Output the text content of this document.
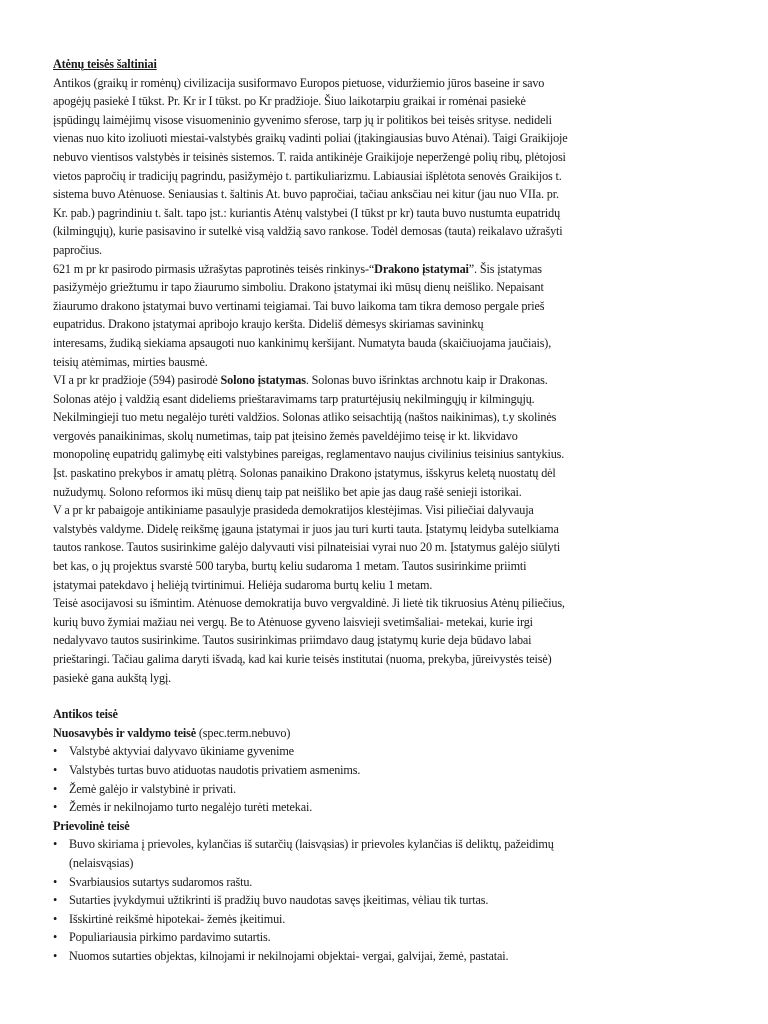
Atėnų teisės šaltiniai
Antikos (graikų ir romėnų) civilizacija susiformavo Europos pietuose, viduržiemio jūros baseine ir savo
apogėjų pasiekė I tūkst. Pr. Kr ir I tūkst. po Kr pradžioje. Šiuo laikotarpiu graikai ir romėnai pasiekė
įspūdingų laimėjimų visose visuomeninio gyvenimo sferose, tarp jų ir politikos bei teisės srityse. nedideli
vienas nuo kito izoliuoti miestai-valstybės graikų vadinti poliai (įtakingiausias buvo Atėnai). Taigi Graikijoje
nebuvo vientisos valstybės ir teisinės sistemos. T. raida antikinėje Graikijoje neperžengė polių ribų, plėtojosi
vietos papročių ir tradicijų pagrindu, pasižymėjo t. partikuliarizmu. Labiausiai išplėtota senovės Graikijos t.
sistema buvo Atėnuose. Seniausias t. šaltinis At. buvo papročiai, tačiau anksčiau nei kitur (jau nuo VIIa. pr.
Kr. pab.) pagrindiniu t. šalt. tapo įst.: kuriantis Atėnų valstybei (I tūkst pr kr) tauta buvo nustumta eupatridų
(kilmingųjų), kurie pasisavino ir sutelkė visą valdžią savo rankose. Todėl demosas (tauta) reikalavo užrašyti
papročius.
621 m pr kr pasirodo pirmasis užrašytas paprotinės teisės rinkinys-“Drakono įstatymai”. Šis įstatymas
pasižymėjo griežtumu ir tapo žiaurumo simboliu. Drakono įstatymai iki mūsų dienų neišliko. Nepaisant
žiaurumo drakono įstatymai buvo vertinami teigiamai. Tai buvo laikoma tam tikra demoso pergale prieš
eupatridus. Drakono įstatymai apribojo kraujo keršta. Dideliš dėmesys skiriamas savininkų
interesams, žudiką siekiama apsaugoti nuo kankinimų keršijant. Numatyta bauda (skaičiuojama jaučiais),
teisių atėmimas, mirties bausmė.
VI a pr kr pradžioje (594) pasirodė Solono įstatymas. Solonas buvo išrinktas archnotu kaip ir Drakonas.
Solonas atėjo į valdžią esant dideliems prieštaravimams tarp praturtėjusių nekilmingųjų ir kilmingųjų.
Nekilmingieji tuo metu negalėjo turėti valdžios. Solonas atliko seisachtiją (naštos naikinimas), t.y skolinės
vergovės panaikinimas, skolų numetimas, taip pat įteisino žemės paveldėjimo teisę ir kt. likvidavo
monopolinę eupatridų galimybę eiti valstybines pareigas, reglamentavo naujus civilinius teisinius santykius.
Įst. paskatino prekybos ir amatų plėtrą. Solonas panaikino Drakono įstatymus, išskyrus keletą nuostatų dėl
nužudymų. Solono reformos iki mūsų dienų taip pat neišliko bet apie jas daug rašė senieji istorikai.
V a pr kr pabaigoje antikiniame pasaulyje prasideda demokratijos klestėjimas. Visi piliečiai dalyvauja
valstybės valdyme. Didelę reikšmę įgauna įstatymai ir juos jau turi kurti tauta. Įstatymų leidyba sutelkiama
tautos rankose. Tautos susirinkime galėjo dalyvauti visi pilnateisiai vyrai nuo 20 m. Įstatymus galėjo siūlyti
bet kas, o jų projektus svarstė 500 taryba, burtų keliu sudaroma 1 metam. Tautos susirinkime priimti
įstatymai patekdavo į heliėją tvirtinimui. Heliėja sudaroma burtų keliu 1 metam.
Teisė asocijavosi su išmintim. Atėnuose demokratija buvo vergvaldinė. Ji lietė tik tikruosius Atėnų piliečius,
kurių buvo žymiai mažiau nei vergų. Be to Atėnuose gyveno laisvieji svetimšaliai- metekai, kurie irgi
nedalyvavo tautos susirinkime. Tautos susirinkimas priimdavo daug įstatymų kurie deja būdavo labai
prieštaringi. Tačiau galima daryti išvadą, kad kai kurie teisės institutai (nuoma, prekyba, jūreivystės teisė)
pasiekė gana aukštą lygį.
Antikos teisė
Nuosavybės ir valdymo teisė (spec.term.nebuvo)
• Valstybė aktyviai dalyvavo ūkiniame gyvenime
• Valstybės turtas buvo atiduotas naudotis privatiem asmenims.
• Žemė galėjo ir valstybinė ir privati.
• Žemės ir nekilnojamo turto negalėjo turėti metekai.
Prievolinė teisė
• Buvo skiriama į prievoles, kylančias iš sutarčių (laisvąsias) ir prievoles kylančias iš deliktų, pažeidimų
(nelaisvąsias)
• Svarbiausios sutartys sudaromos raštu.
• Sutarties įvykdymui užtikrinti iš pradžių buvo naudotas savęs įkeitimas, vėliau tik turtas.
• Išskirtinė reikšmė hipotekai- žemės įkeitimui.
• Populiariausia pirkimo pardavimo sutartis.
• Nuomos sutarties objektas, kilnojami ir nekilnojami objektai- vergai, galvijai, žemė, pastatai.
